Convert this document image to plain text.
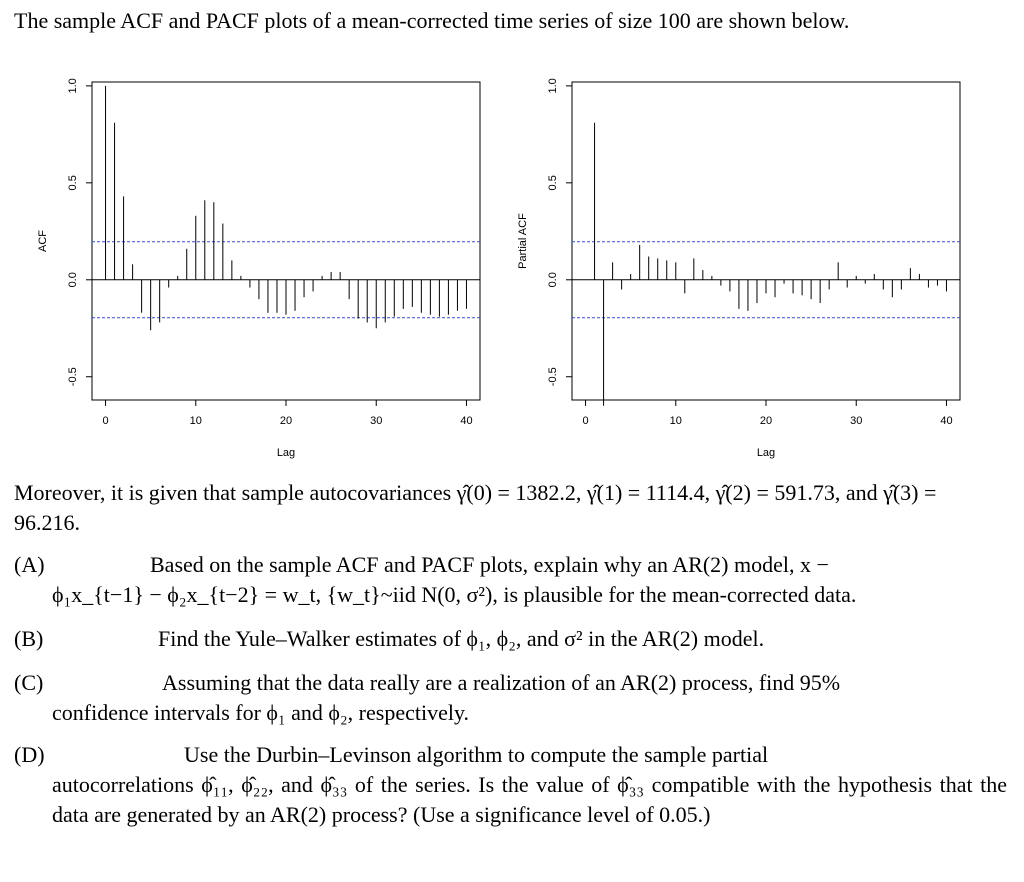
The sample ACF and PACF plots of a mean-corrected time series of size 100 are shown below.
-0.5
0.0
0.5
1.0
0	10	20	30	40
Lag
ACF
-0.5
0.0
0.5
1.0
0	10	20	30	40
Lag
Partial ACF
Moreover, it is given that sample autocovariances γ̂(0) = 1382.2, γ̂(1) = 1114.4, γ̂(2) = 591.73, and γ̂(3) = 96.216.
(A)	Based on the sample ACF and PACF plots, explain why an AR(2) model, x −
ϕ₁x_{t−1} − ϕ₂x_{t−2} = w_t, {w_t}~iid N(0, σ²), is plausible for the mean-corrected data.
(B)	Find the Yule–Walker estimates of ϕ₁, ϕ₂, and σ² in the AR(2) model.
(C)	Assuming that the data really are a realization of an AR(2) process, find 95%
confidence intervals for ϕ₁ and ϕ₂, respectively.
(D)	Use the Durbin–Levinson algorithm to compute the sample partial
autocorrelations ϕ̂₁₁, ϕ̂₂₂, and ϕ̂₃₃ of the series. Is the value of ϕ̂₃₃ compatible with the hypothesis that the data are generated by an AR(2) process? (Use a significance level of 0.05.)
